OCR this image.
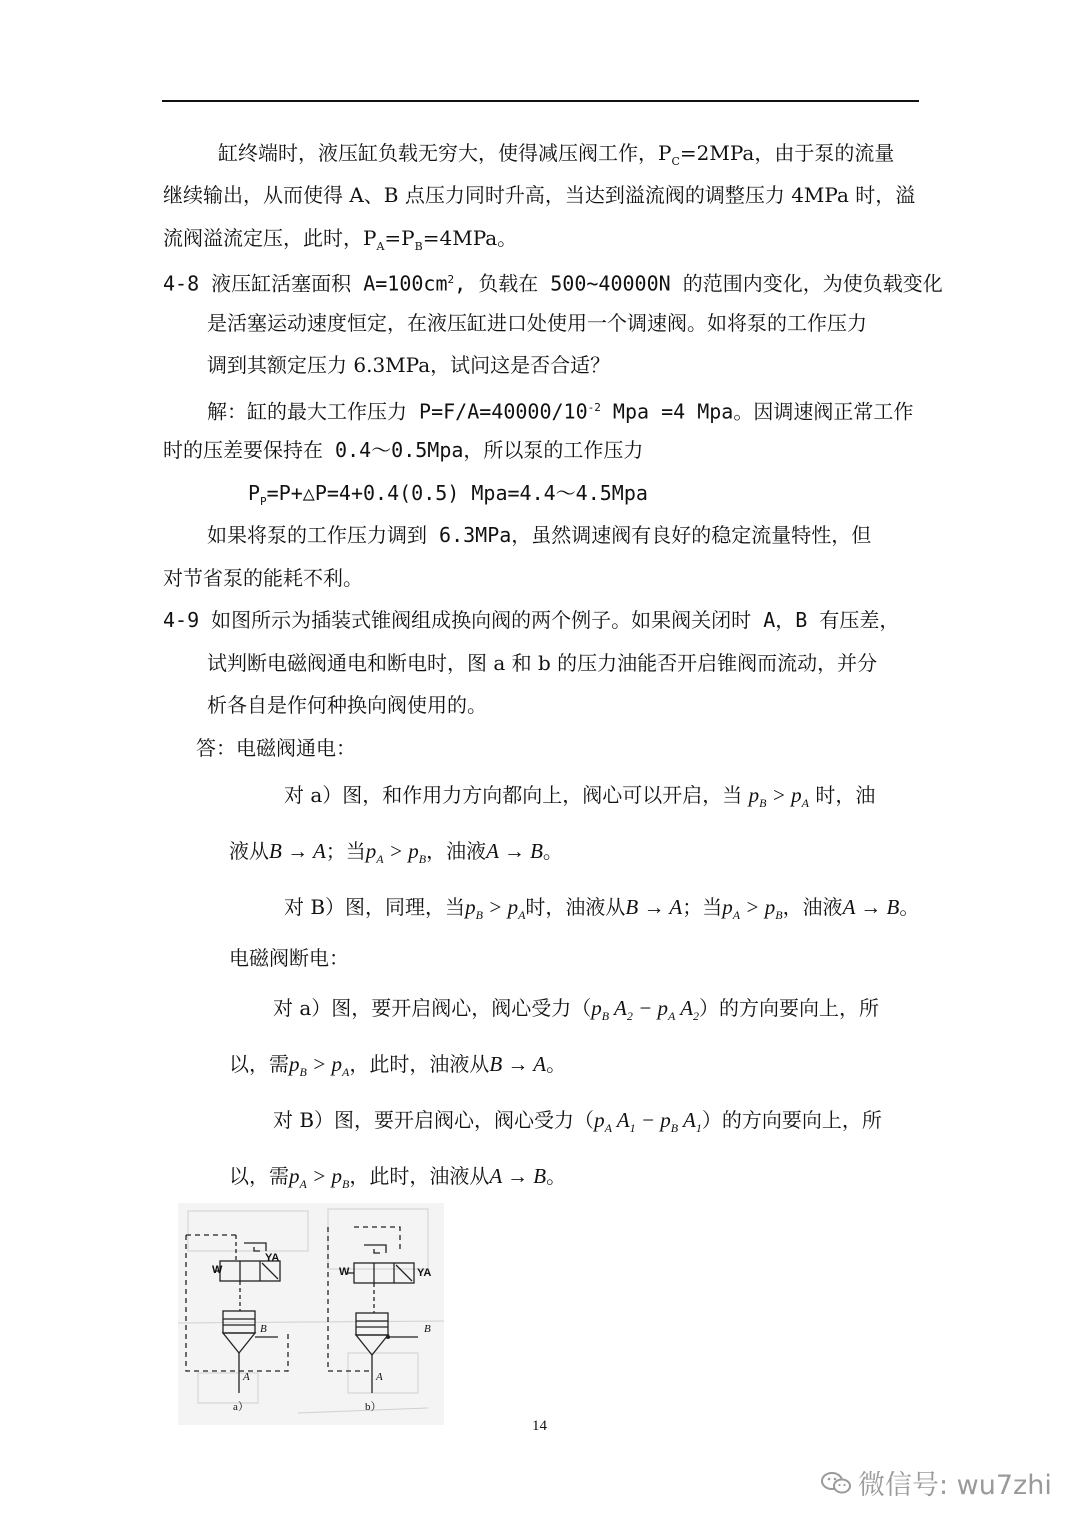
缸终端时，液压缸负载无穷大，使得减压阀工作，$P_C=2MPa$，由于泵的流量
继续输出，从而使得 A、B 点压力同时升高，当达到溢流阀的调整压力 4MPa 时，溢
流阀溢流定压，此时，$P_A=P_B=4MPa$。
4-8 液压缸活塞面积 $A=100cm^2$, 负载在 500~40000N 的范围内变化，为使负载变化
是活塞运动速度恒定，在液压缸进口处使用一个调速阀。如将泵的工作压力
调到其额定压力 6.3MPa，试问这是否合适？
解：缸的最大工作压力 $P=F/A=40000/10^{-2}$ Mpa =4 Mpa。因调速阀正常工作
时的压差要保持在 0.4～0.5Mpa，所以泵的工作压力
$P_P=P+\triangle P=4+0.4(0.5)$ Mpa=4.4～4.5Mpa
如果将泵的工作压力调到 6.3MPa，虽然调速阀有良好的稳定流量特性，但
对节省泵的能耗不利。
4-9 如图所示为插装式锥阀组成换向阀的两个例子。如果阀关闭时 A，B 有压差，
试判断电磁阀通电和断电时，图 a 和 b 的压力油能否开启锥阀而流动，并分
析各自是作何种换向阀使用的。
答：电磁阀通电：
对 a）图，和作用力方向都向上，阀心可以开启，当 $p_B > p_A$ 时，油
液从B → A；当$p_A > p_B$，油液A → B。
对 B）图，同理，当$p_B > p_A$时，油液从B → A；当$p_A > p_B$，油液A → B。
电磁阀断电：
对 a）图，要开启阀心，阀心受力（$p_B$ $A_2 - p_A$ $A_2$）的方向要向上，所
以，需$p_B > p_A$，此时，油液从B → A。
对 B）图，要开启阀心，阀心受力（$p_A$ $A_1 - p_B$ $A_1$）的方向要向上，所
以，需$p_A > p_B$，此时，油液从A → B。
W
YA
B
A
a）
W	YA
B
A
b）
14
微信号: wu7zhi
